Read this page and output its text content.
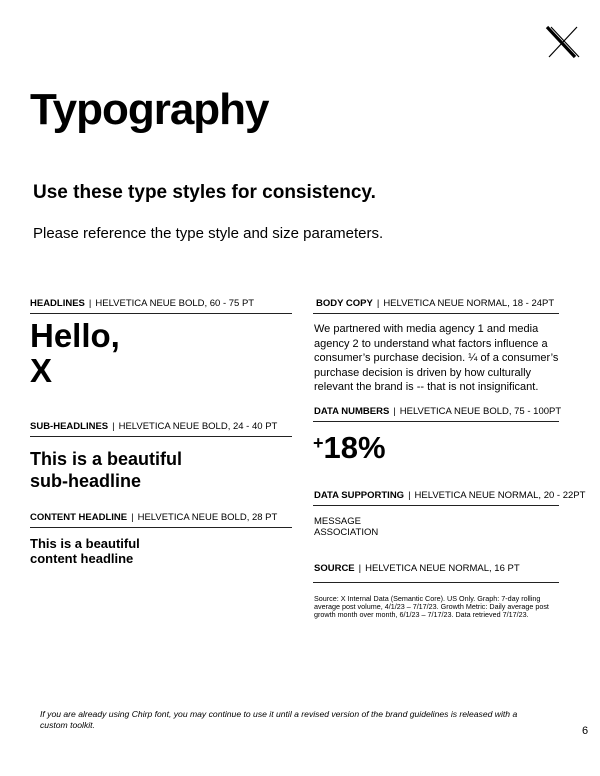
Typography
Use these type styles for consistency.
Please reference the type style and size parameters.
HEADLINES | HELVETICA NEUE BOLD, 60 - 75 PT
Hello,
X
SUB-HEADLINES | HELVETICA NEUE BOLD, 24 - 40 PT
This is a beautiful
sub-headline
CONTENT HEADLINE | HELVETICA NEUE BOLD, 28 PT
This is a beautiful
content headline
BODY COPY | HELVETICA NEUE NORMAL, 18 - 24PT
We partnered with media agency 1 and media agency 2 to understand what factors influence a consumer’s purchase decision. ¼ of a consumer’s purchase decision is driven by how culturally relevant the brand is -- that is not insignificant.
DATA NUMBERS | HELVETICA NEUE BOLD, 75 - 100PT
+18%
DATA SUPPORTING | HELVETICA NEUE NORMAL, 20 - 22PT
MESSAGE
ASSOCIATION
SOURCE | HELVETICA NEUE NORMAL, 16 PT
Source: X Internal Data (Semantic Core). US Only. Graph: 7-day rolling average post volume, 4/1/23 – 7/17/23. Growth Metric: Daily average post growth month over month, 6/1/23 – 7/17/23. Data retrieved 7/17/23.
If you are already using Chirp font, you may continue to use it until a revised version of the brand guidelines is released with a custom toolkit.	6
